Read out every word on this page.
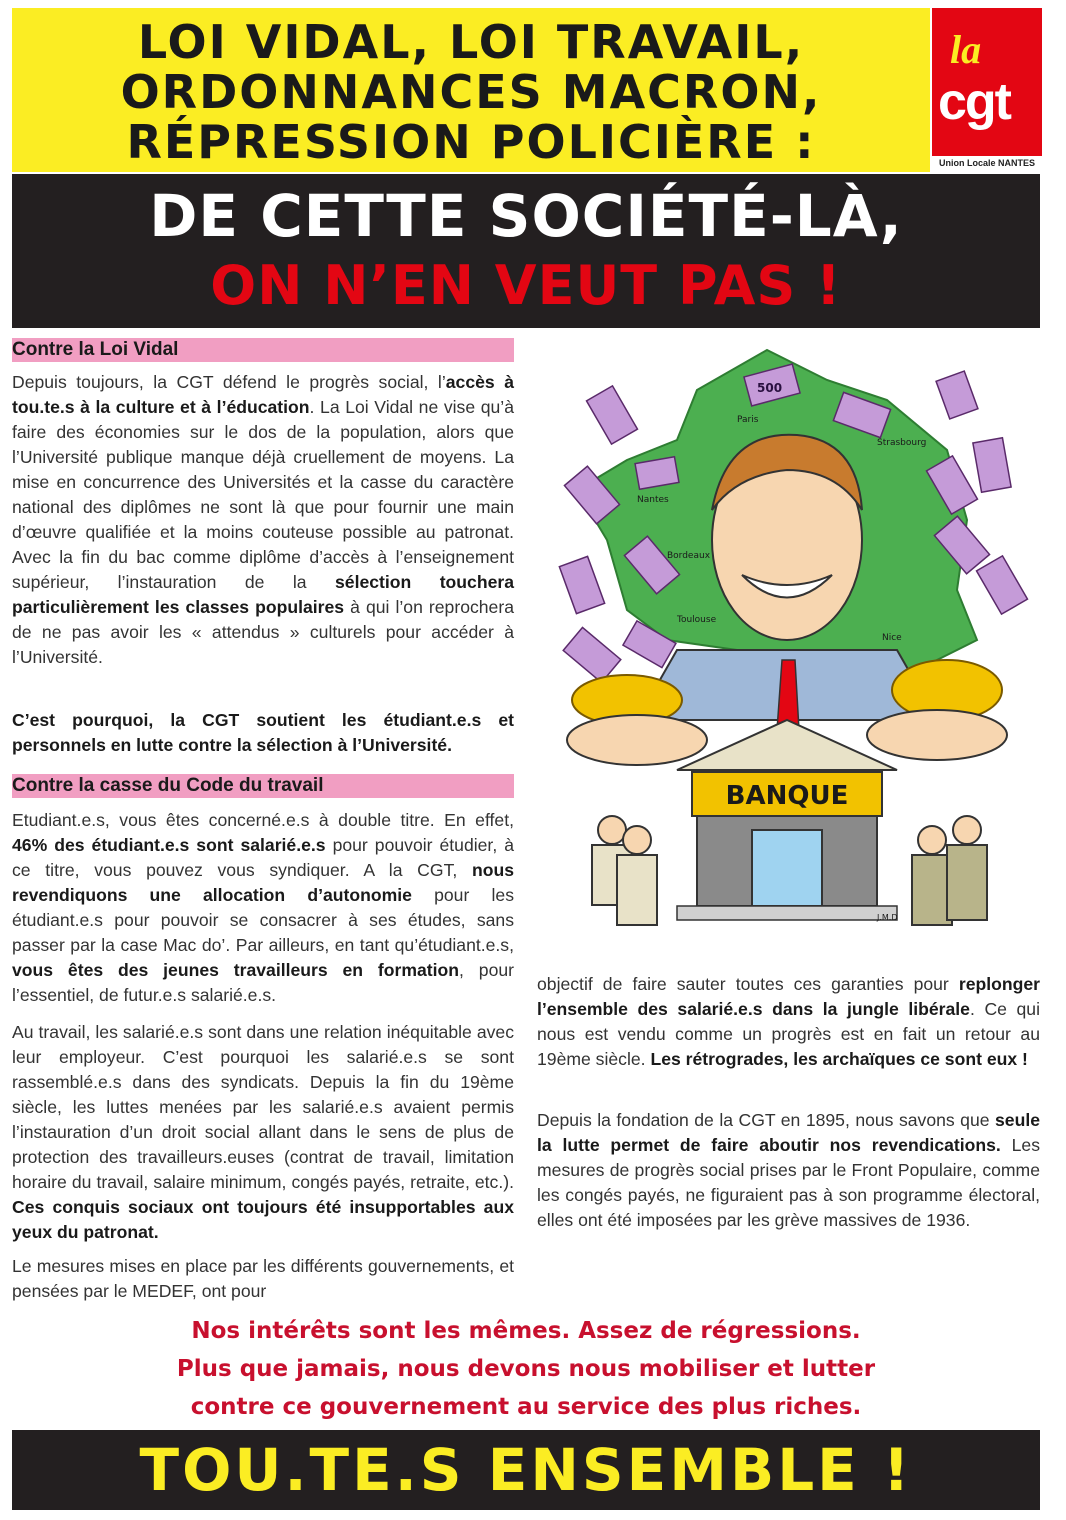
LOI VIDAL, LOI TRAVAIL,
ORDONNANCES MACRON,
RÉPRESSION POLICIÈRE :
la
cgt
Union Locale NANTES
DE CETTE SOCIÉTÉ-LÀ,
ON N’EN VEUT PAS !
Contre la Loi Vidal

Depuis toujours, la CGT défend le progrès social, l’accès à tou.te.s à la culture et à l’éducation. La Loi Vidal ne vise qu’à faire des économies sur le dos de la population, alors que l’Université publique manque déjà cruellement de moyens. La mise en concurrence des Universités et la casse du caractère national des diplômes ne sont là que pour fournir une main d’œuvre qualifiée et la moins couteuse possible au patronat. Avec la fin du bac comme diplôme d’accès à l’enseignement supérieur, l’instauration de la sélection touchera particulièrement les classes populaires à qui l’on reprochera de ne pas avoir les « attendus » culturels pour accéder à l’Université.

C’est pourquoi, la CGT soutient les étudiant.e.s et personnels en lutte contre la sélection à l’Université.

Contre la casse du Code du travail

Etudiant.e.s, vous êtes concerné.e.s à double titre. En effet, 46% des étudiant.e.s sont salarié.e.s pour pouvoir étudier, à ce titre, vous pouvez vous syndiquer. A la CGT, nous revendiquons une allocation d’autonomie pour les étudiant.e.s pour pouvoir se consacrer à ses études, sans passer par la case Mac do’. Par ailleurs, en tant qu’étudiant.e.s, vous êtes des jeunes travailleurs en formation, pour l’essentiel, de futur.e.s salarié.e.s.

Au travail, les salarié.e.s sont dans une relation inéquitable avec leur employeur. C’est pourquoi les salarié.e.s se sont rassemblé.e.s dans des syndicats. Depuis la fin du 19ème siècle, les luttes menées par les salarié.e.s avaient permis l’instauration d’un droit social allant dans le sens de plus de protection des travailleurs.euses (contrat de travail, limitation horaire du travail, salaire minimum, congés payés, retraite, etc.). Ces conquis sociaux ont toujours été insupportables aux yeux du patronat.

Le mesures mises en place par les différents gouvernements, et pensées par le MEDEF, ont pour

500
Paris
Nantes
Bordeaux
Toulouse
Nice
Strasbourg
BANQUE
J.M.D

objectif de faire sauter toutes ces garanties pour replonger l’ensemble des salarié.e.s dans la jungle libérale. Ce qui nous est vendu comme un progrès est en fait un retour au 19ème siècle. Les rétrogrades, les archaïques ce sont eux !

Depuis la fondation de la CGT en 1895, nous savons que seule la lutte permet de faire aboutir nos revendications. Les mesures de progrès social prises par le Front Populaire, comme les congés payés, ne figuraient pas à son programme électoral, elles ont été imposées par les grève massives de 1936.

Nos intérêts sont les mêmes. Assez de régressions.
Plus que jamais, nous devons nous mobiliser et lutter
contre ce gouvernement au service des plus riches.
TOU.TE.S ENSEMBLE !
